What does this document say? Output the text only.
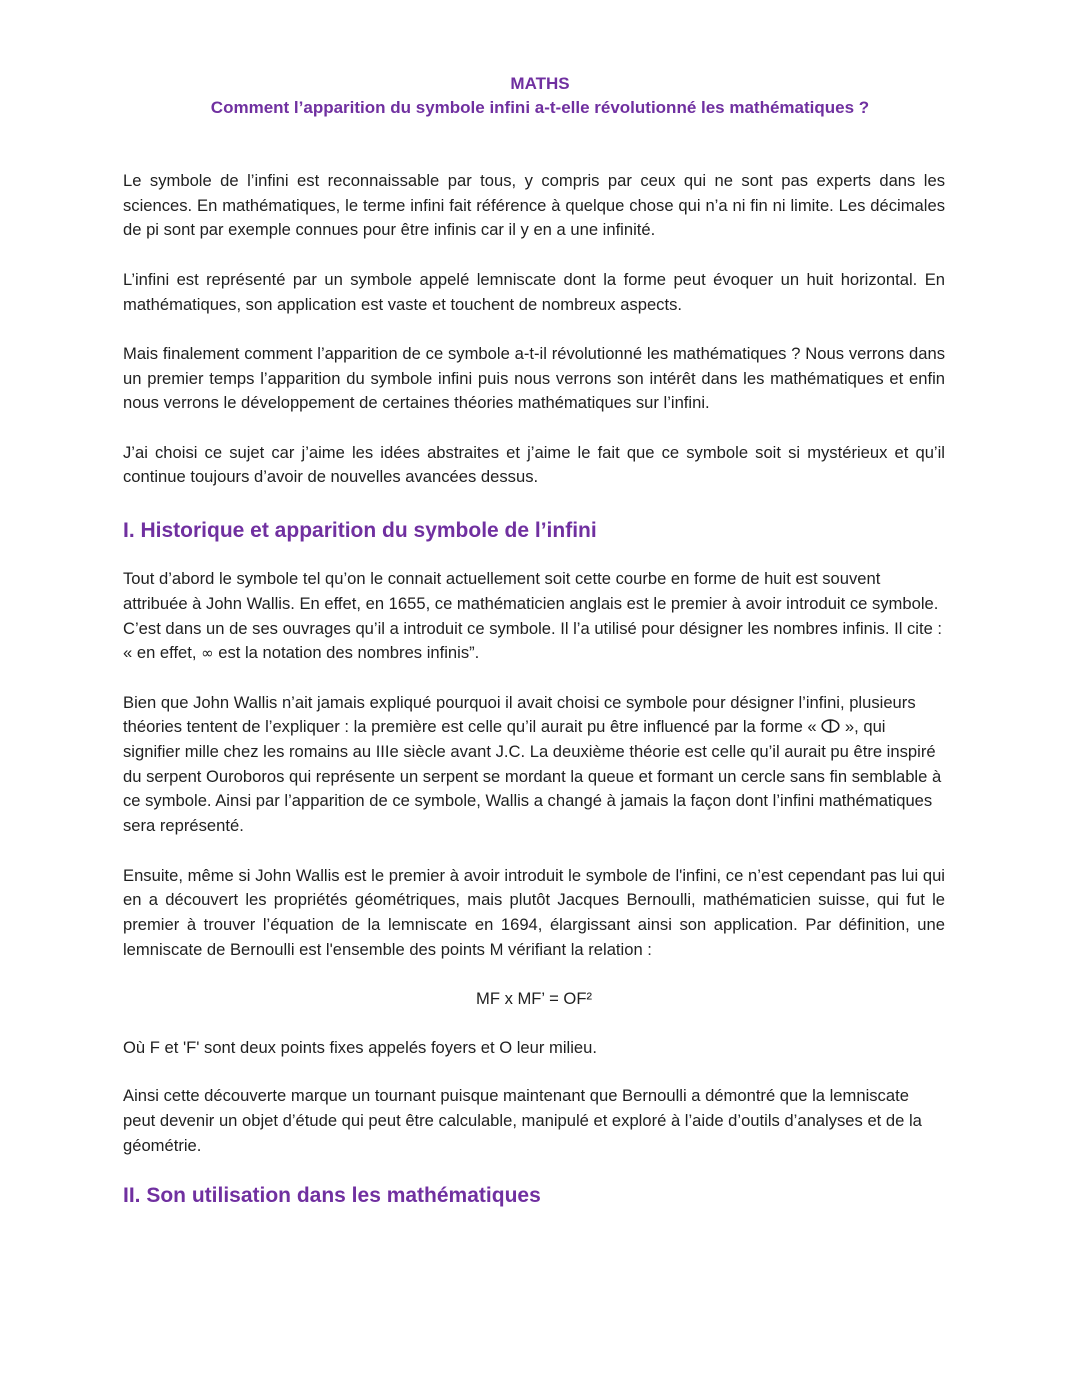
MATHS
Comment l’apparition du symbole infini a-t-elle révolutionné les mathématiques ?

Le symbole de l’infini est reconnaissable par tous, y compris par ceux qui ne sont pas experts dans les sciences. En mathématiques, le terme infini fait référence à quelque chose qui n’a ni fin ni limite. Les décimales de pi sont par exemple connues pour être infinis car il y en a une infinité.

L’infini est représenté par un symbole appelé lemniscate dont la forme peut évoquer un huit horizontal. En mathématiques, son application est vaste et touchent de nombreux aspects.

Mais finalement comment l’apparition de ce symbole a-t-il révolutionné les mathématiques ? Nous verrons dans un premier temps l’apparition du symbole infini puis nous verrons son intérêt dans les mathématiques et enfin nous verrons le développement de certaines théories mathématiques sur l’infini.

J’ai choisi ce sujet car j’aime les idées abstraites et j’aime le fait que ce symbole soit si mystérieux et qu’il continue toujours d’avoir de nouvelles avancées dessus.

I. Historique et apparition du symbole de l’infini

Tout d’abord le symbole tel qu’on le connait actuellement soit cette courbe en forme de huit est souvent attribuée à John Wallis. En effet, en 1655, ce mathématicien anglais est le premier à avoir introduit ce symbole. C’est dans un de ses ouvrages qu’il a introduit ce symbole. Il l’a utilisé pour désigner les nombres infinis. Il cite : « en effet, ∞ est la notation des nombres infinis”.

Bien que John Wallis n’ait jamais expliqué pourquoi il avait choisi ce symbole pour désigner l’infini, plusieurs théories tentent de l’expliquer : la première est celle qu’il aurait pu être influencé par la forme « », qui signifier mille chez les romains au IIIe siècle avant J.C. La deuxième théorie est celle qu’il aurait pu être inspiré du serpent Ouroboros qui représente un serpent se mordant la queue et formant un cercle sans fin semblable à ce symbole. Ainsi par l’apparition de ce symbole, Wallis a changé à jamais la façon dont l’infini mathématiques sera représenté.

Ensuite, même si John Wallis est le premier à avoir introduit le symbole de l'infini, ce n’est cependant pas lui qui en a découvert les propriétés géométriques, mais plutôt Jacques Bernoulli, mathématicien suisse, qui fut le premier à trouver l’équation de la lemniscate en 1694, élargissant ainsi son application. Par définition, une lemniscate de Bernoulli est l'ensemble des points M vérifiant la relation :

MF x MF’ = OF²

Où F et 'F' sont deux points fixes appelés foyers et O leur milieu.

Ainsi cette découverte marque un tournant puisque maintenant que Bernoulli a démontré que la lemniscate peut devenir un objet d’étude qui peut être calculable, manipulé et exploré à l’aide d’outils d’analyses et de la géométrie.

II. Son utilisation dans les mathématiques
